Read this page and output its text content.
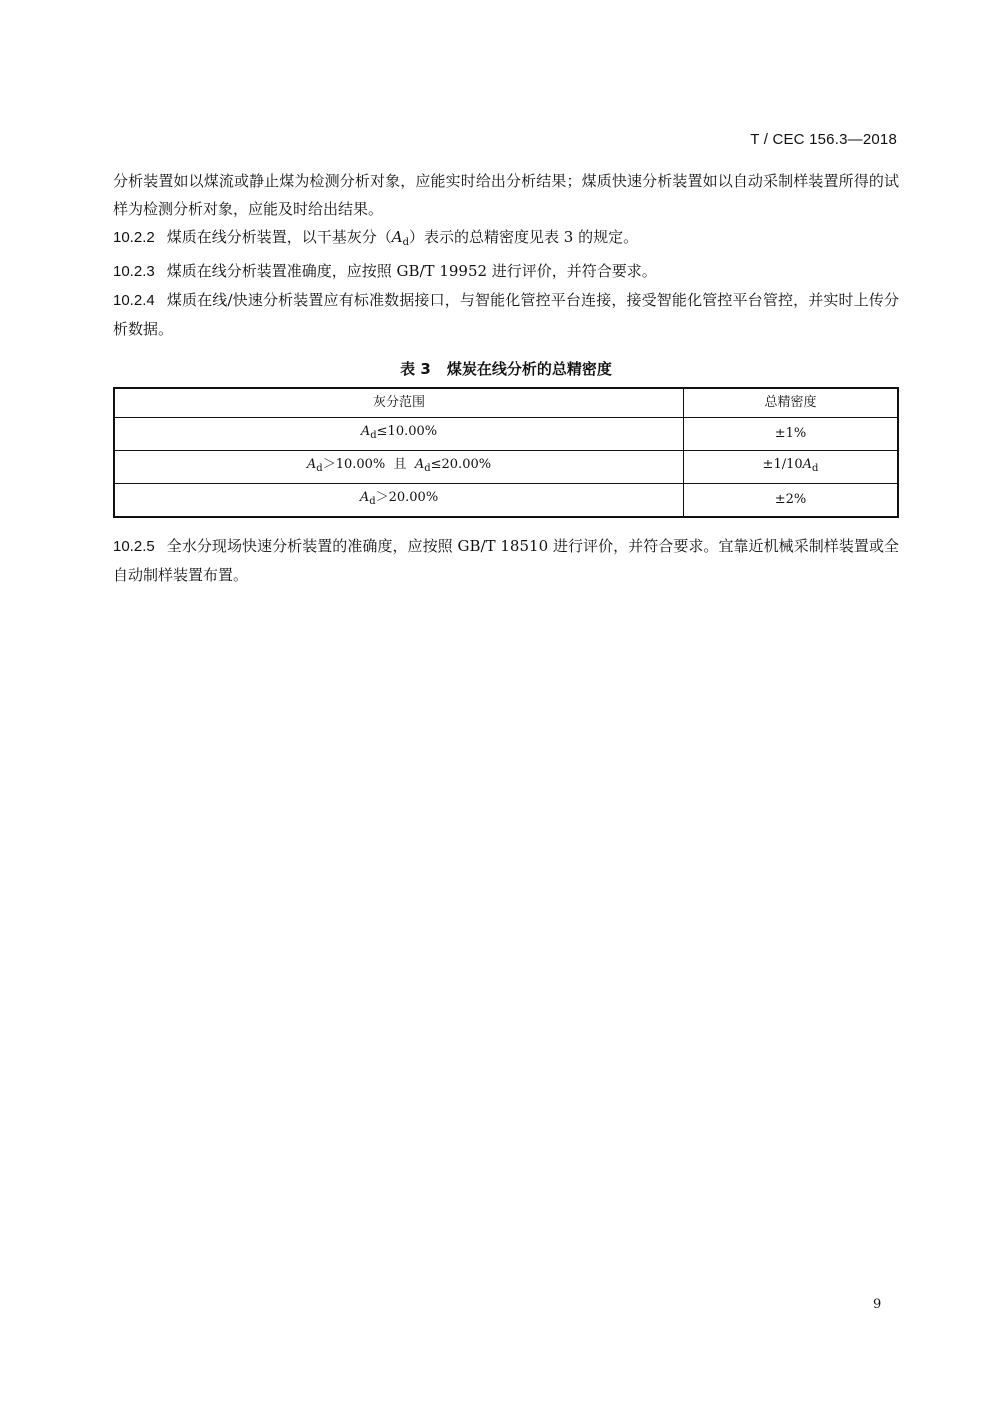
T / CEC 156.3—2018

分析装置如以煤流或静止煤为检测分析对象，应能实时给出分析结果；煤质快速分析装置如以自动采制样装置所得的试样为检测分析对象，应能及时给出结果。

10.2.2 煤质在线分析装置，以干基灰分$(A_d)$表示的总精密度见表 3 的规定。

10.2.3 煤质在线分析装置准确度，应按照 GB/T 19952 进行评价，并符合要求。

10.2.4 煤质在线/快速分析装置应有标准数据接口，与智能化管控平台连接，接受智能化管控平台管控，并实时上传分析数据。

表 3 煤炭在线分析的总精密度
灰分范围	总精密度
$A_d\le 10.00\%$	±1%
$A_d>10.00\%$ 且 $A_d\le 20.00\%$	$\pm 1/10A_d$
$A_d>20.00\%$	±2%

10.2.5 全水分现场快速分析装置的准确度，应按照 GB/T 18510 进行评价，并符合要求。宜靠近机械采制样装置或全自动制样装置布置。

9
